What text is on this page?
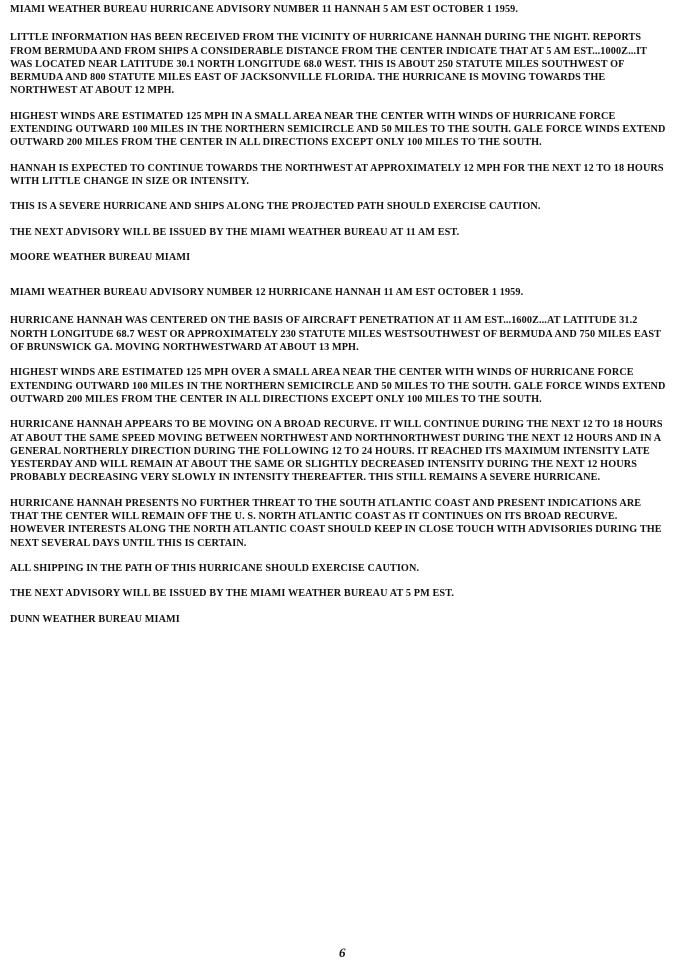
MIAMI WEATHER BUREAU HURRICANE ADVISORY NUMBER 11 HANNAH 5 AM EST OCTOBER 1 1959.

LITTLE INFORMATION HAS BEEN RECEIVED FROM THE VICINITY OF HURRICANE HANNAH DURING THE NIGHT. REPORTS FROM BERMUDA AND FROM SHIPS A CONSIDERABLE DISTANCE FROM THE CENTER INDICATE THAT AT 5 AM EST...1000Z...IT WAS LOCATED NEAR LATITUDE 30.1 NORTH LONGITUDE 68.0 WEST. THIS IS ABOUT 250 STATUTE MILES SOUTHWEST OF BERMUDA AND 800 STATUTE MILES EAST OF JACKSONVILLE FLORIDA. THE HURRICANE IS MOVING TOWARDS THE NORTHWEST AT ABOUT 12 MPH.

HIGHEST WINDS ARE ESTIMATED 125 MPH IN A SMALL AREA NEAR THE CENTER WITH WINDS OF HURRICANE FORCE EXTENDING OUTWARD 100 MILES IN THE NORTHERN SEMICIRCLE AND 50 MILES TO THE SOUTH. GALE FORCE WINDS EXTEND OUTWARD 200 MILES FROM THE CENTER IN ALL DIRECTIONS EXCEPT ONLY 100 MILES TO THE SOUTH.

HANNAH IS EXPECTED TO CONTINUE TOWARDS THE NORTHWEST AT APPROXIMATELY 12 MPH FOR THE NEXT 12 TO 18 HOURS WITH LITTLE CHANGE IN SIZE OR INTENSITY.

THIS IS A SEVERE HURRICANE AND SHIPS ALONG THE PROJECTED PATH SHOULD EXERCISE CAUTION.

THE NEXT ADVISORY WILL BE ISSUED BY THE MIAMI WEATHER BUREAU AT 11 AM EST.

MOORE WEATHER BUREAU MIAMI

MIAMI WEATHER BUREAU ADVISORY NUMBER 12 HURRICANE HANNAH 11 AM EST OCTOBER 1 1959.

HURRICANE HANNAH WAS CENTERED ON THE BASIS OF AIRCRAFT PENETRATION AT 11 AM EST...1600Z...AT LATITUDE 31.2 NORTH LONGITUDE 68.7 WEST OR APPROXIMATELY 230 STATUTE MILES WESTSOUTHWEST OF BERMUDA AND 750 MILES EAST OF BRUNSWICK GA. MOVING NORTHWESTWARD AT ABOUT 13 MPH.

HIGHEST WINDS ARE ESTIMATED 125 MPH OVER A SMALL AREA NEAR THE CENTER WITH WINDS OF HURRICANE FORCE EXTENDING OUTWARD 100 MILES IN THE NORTHERN SEMICIRCLE AND 50 MILES TO THE SOUTH. GALE FORCE WINDS EXTEND OUTWARD 200 MILES FROM THE CENTER IN ALL DIRECTIONS EXCEPT ONLY 100 MILES TO THE SOUTH.

HURRICANE HANNAH APPEARS TO BE MOVING ON A BROAD RECURVE. IT WILL CONTINUE DURING THE NEXT 12 TO 18 HOURS AT ABOUT THE SAME SPEED MOVING BETWEEN NORTHWEST AND NORTHNORTHWEST DURING THE NEXT 12 HOURS AND IN A GENERAL NORTHERLY DIRECTION DURING THE FOLLOWING 12 TO 24 HOURS. IT REACHED ITS MAXIMUM INTENSITY LATE YESTERDAY AND WILL REMAIN AT ABOUT THE SAME OR SLIGHTLY DECREASED INTENSITY DURING THE NEXT 12 HOURS PROBABLY DECREASING VERY SLOWLY IN INTENSITY THEREAFTER. THIS STILL REMAINS A SEVERE HURRICANE.

HURRICANE HANNAH PRESENTS NO FURTHER THREAT TO THE SOUTH ATLANTIC COAST AND PRESENT INDICATIONS ARE THAT THE CENTER WILL REMAIN OFF THE U. S. NORTH ATLANTIC COAST AS IT CONTINUES ON ITS BROAD RECURVE. HOWEVER INTERESTS ALONG THE NORTH ATLANTIC COAST SHOULD KEEP IN CLOSE TOUCH WITH ADVISORIES DURING THE NEXT SEVERAL DAYS UNTIL THIS IS CERTAIN.

ALL SHIPPING IN THE PATH OF THIS HURRICANE SHOULD EXERCISE CAUTION.

THE NEXT ADVISORY WILL BE ISSUED BY THE MIAMI WEATHER BUREAU AT 5 PM EST.

DUNN WEATHER BUREAU MIAMI

6
